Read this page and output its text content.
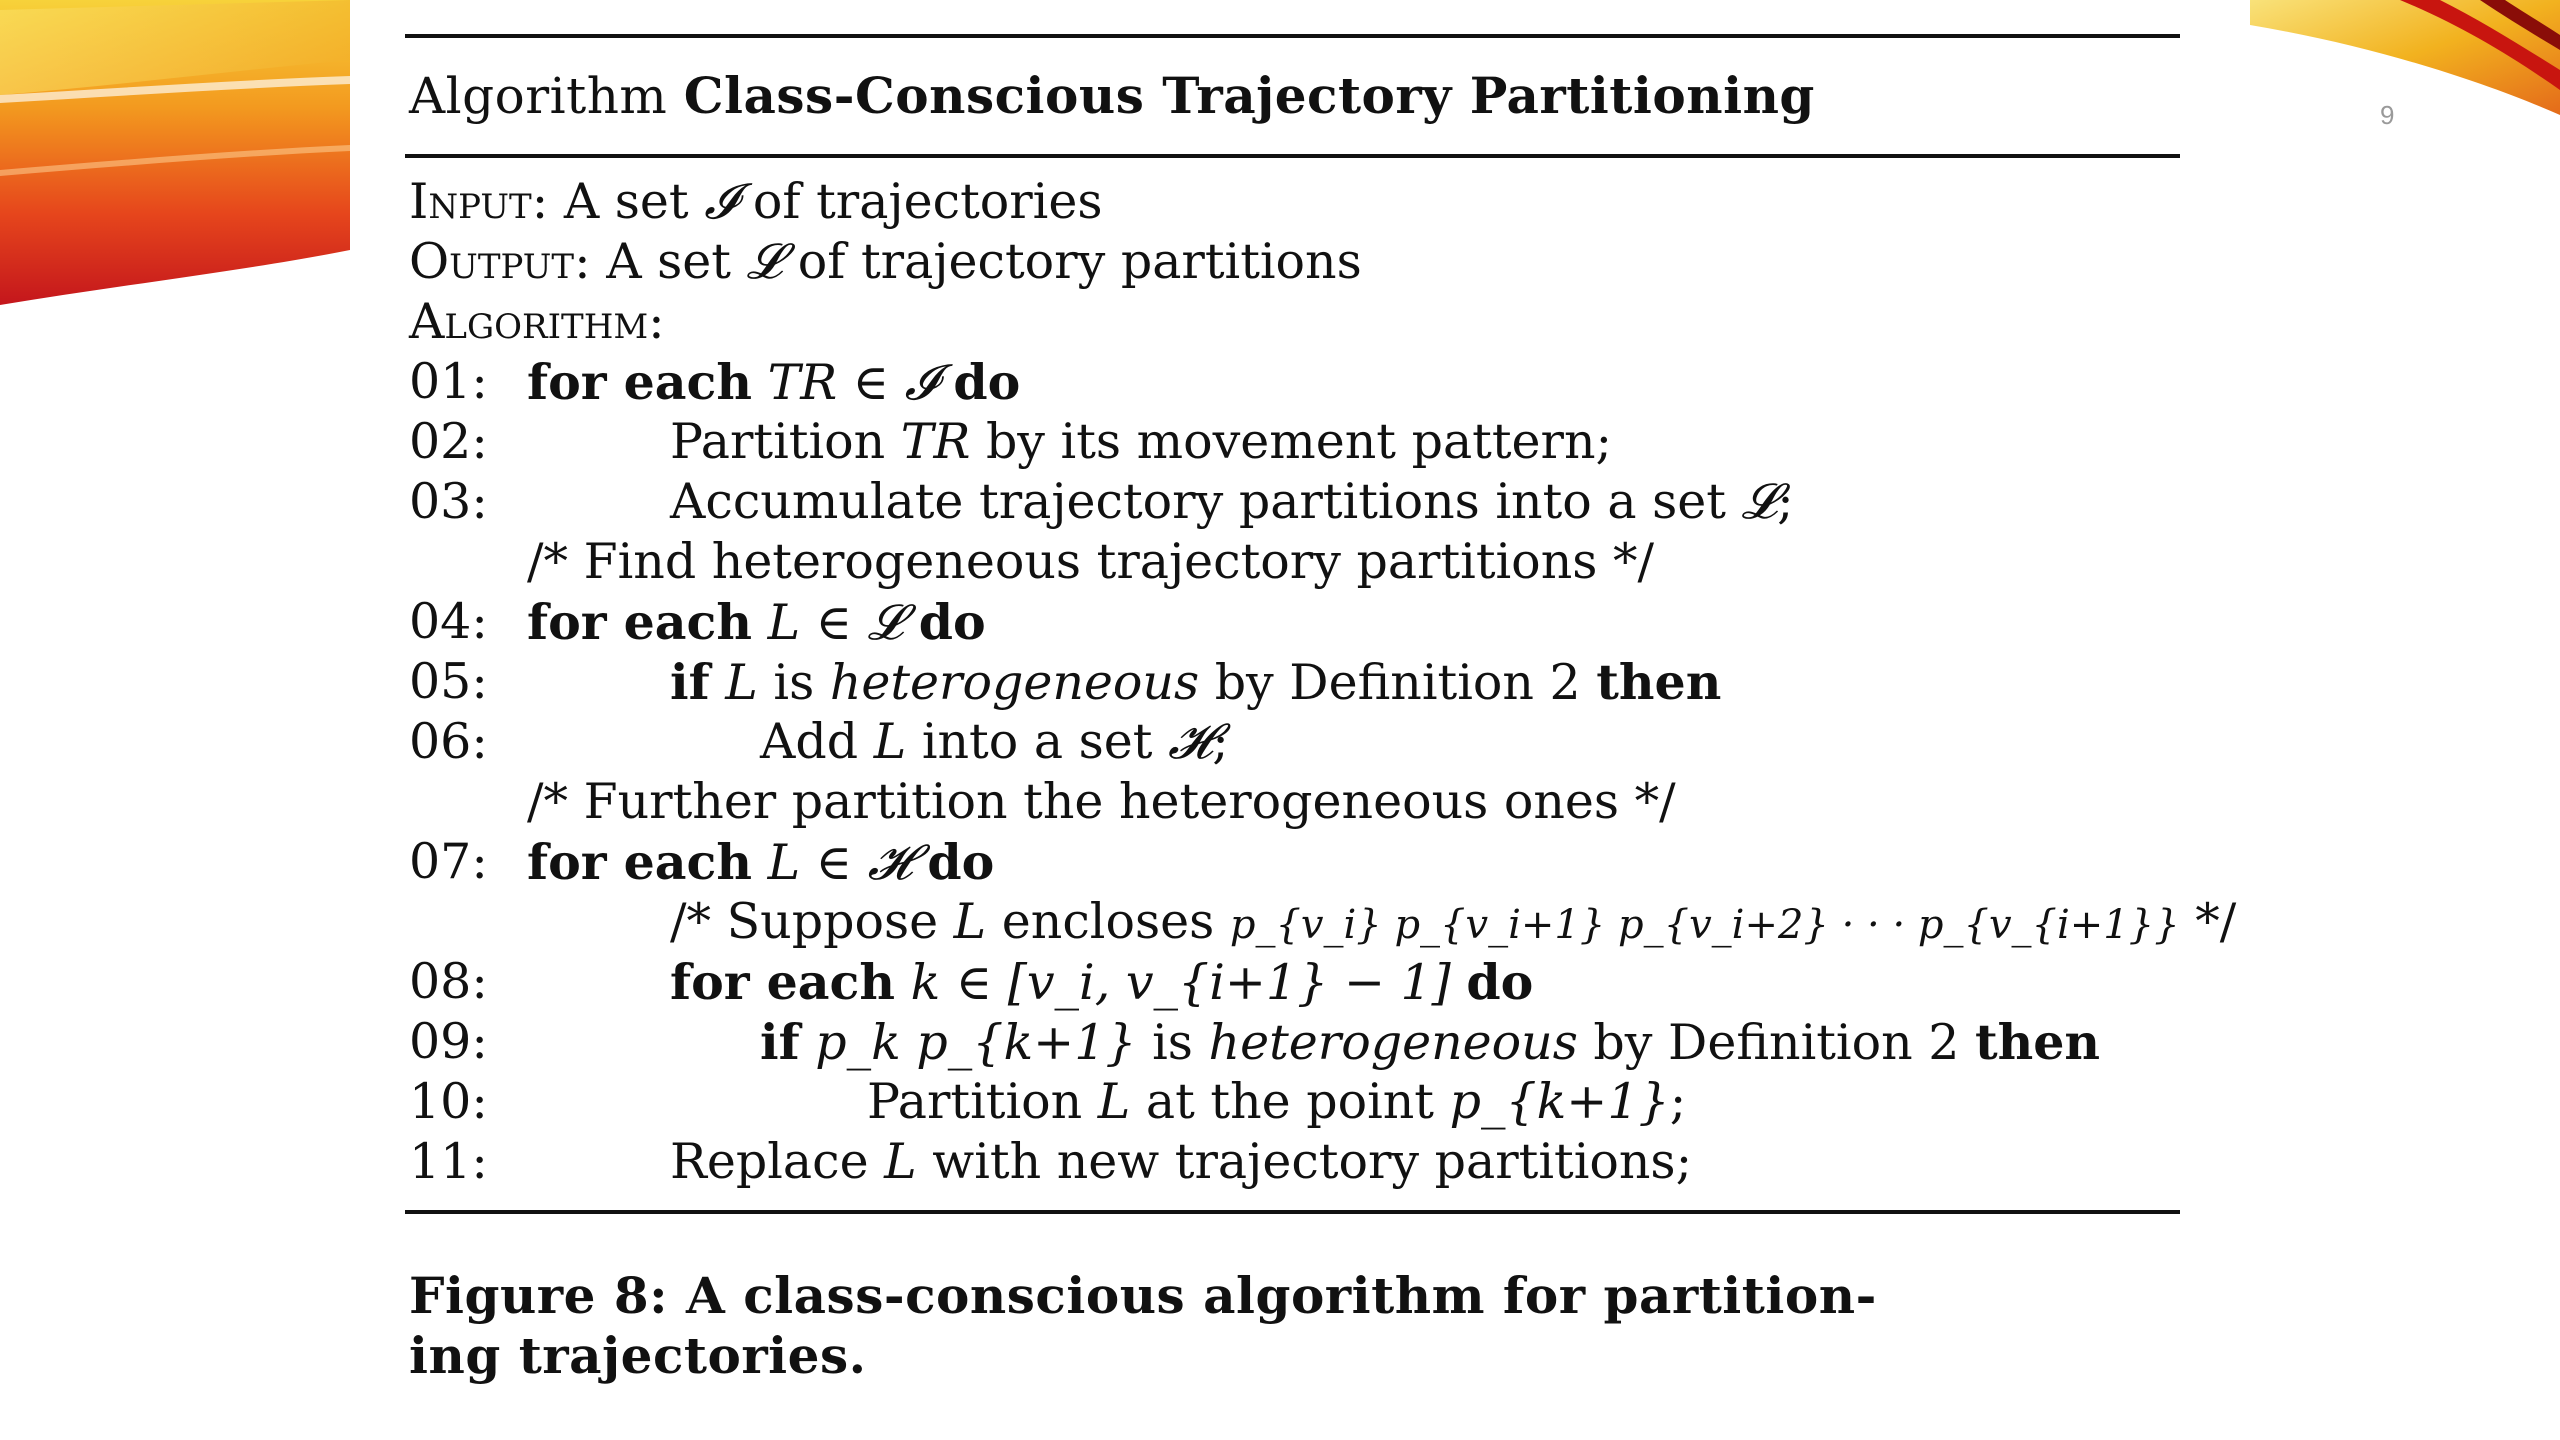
9
Algorithm Class-Conscious Trajectory Partitioning
Input: A set 𝓘 of trajectories
Output: A set 𝓛 of trajectory partitions
Algorithm:
01: for each TR ∈ 𝓘 do
02:	Partition TR by its movement pattern;
03:	Accumulate trajectory partitions into a set 𝓛;
/* Find heterogeneous trajectory partitions */
04: for each L ∈ 𝓛 do
05:	if L is heterogeneous by Definition 2 then
06:	Add L into a set 𝓗;
/* Further partition the heterogeneous ones */
07: for each L ∈ 𝓗 do
/* Suppose L encloses p_{v_i} p_{v_i+1} p_{v_i+2} · · · p_{v_{i+1}} */
08:	for each k ∈ [v_i, v_{i+1} − 1] do
09:	if p_k p_{k+1} is heterogeneous by Definition 2 then
10:	Partition L at the point p_{k+1};
11:	Replace L with new trajectory partitions;
Figure 8: A class-conscious algorithm for partition-
ing trajectories.
